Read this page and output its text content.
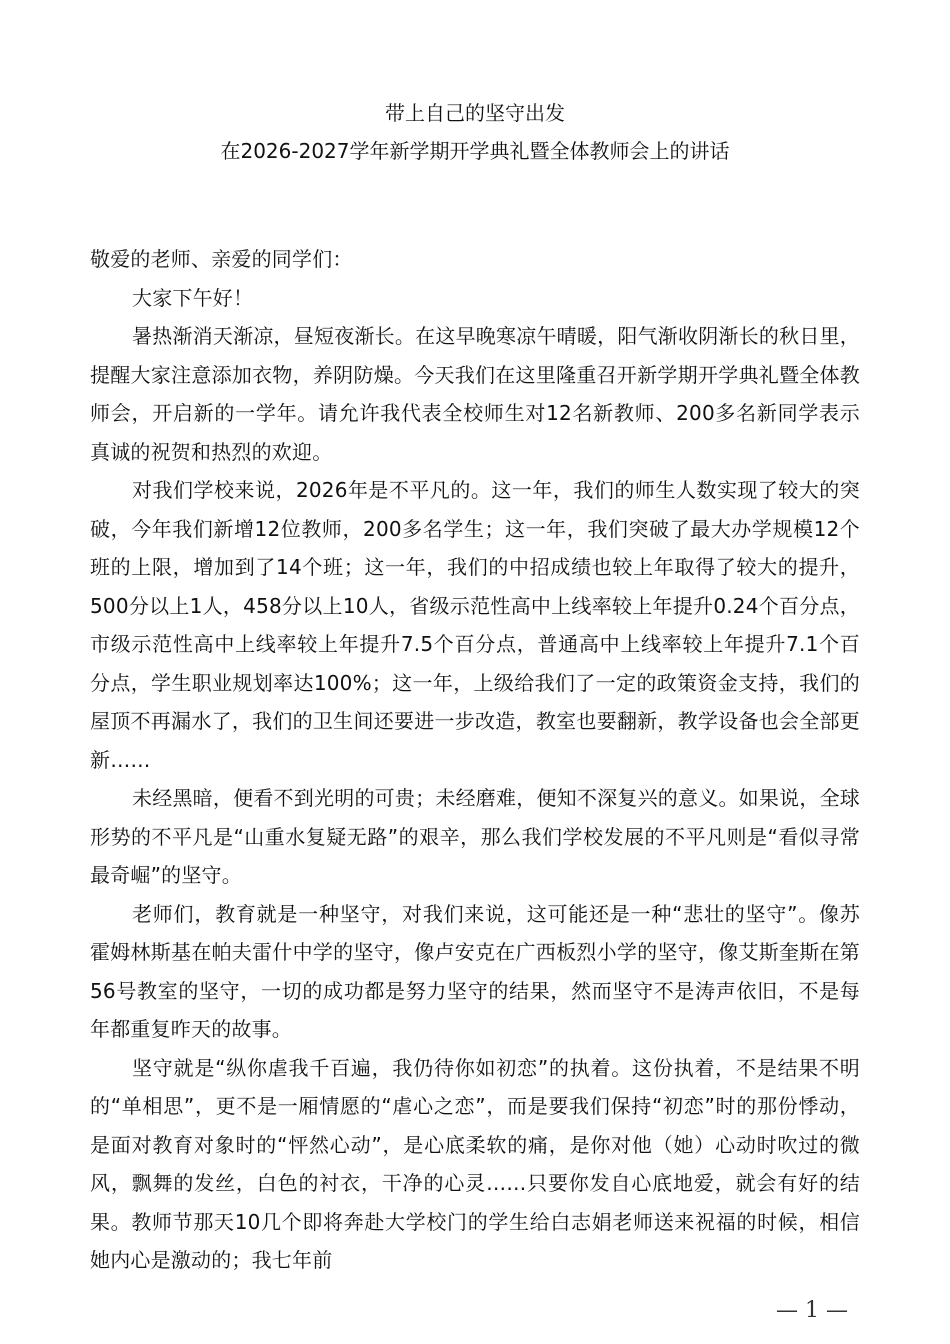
带上自己的坚守出发
在2026-2027学年新学期开学典礼暨全体教师会上的讲话

敬爱的老师、亲爱的同学们：

大家下午好！

暑热渐消天渐凉，昼短夜渐长。在这早晚寒凉午晴暖，阳气渐收阴渐长的秋日里，提醒大家注意添加衣物，养阴防燥。今天我们在这里隆重召开新学期开学典礼暨全体教师会，开启新的一学年。请允许我代表全校师生对12名新教师、200多名新同学表示真诚的祝贺和热烈的欢迎。

对我们学校来说，2026年是不平凡的。这一年，我们的师生人数实现了较大的突破，今年我们新增12位教师，200多名学生；这一年，我们突破了最大办学规模12个班的上限，增加到了14个班；这一年，我们的中招成绩也较上年取得了较大的提升，500分以上1人，458分以上10人，省级示范性高中上线率较上年提升0.24个百分点，市级示范性高中上线率较上年提升7.5个百分点，普通高中上线率较上年提升7.1个百分点，学生职业规划率达100%；这一年，上级给我们了一定的政策资金支持，我们的屋顶不再漏水了，我们的卫生间还要进一步改造，教室也要翻新，教学设备也会全部更新……

未经黑暗，便看不到光明的可贵；未经磨难，便知不深复兴的意义。如果说，全球形势的不平凡是“山重水复疑无路”的艰辛，那么我们学校发展的不平凡则是“看似寻常最奇崛”的坚守。

老师们，教育就是一种坚守，对我们来说，这可能还是一种“悲壮的坚守”。像苏霍姆林斯基在帕夫雷什中学的坚守，像卢安克在广西板烈小学的坚守，像艾斯奎斯在第56号教室的坚守，一切的成功都是努力坚守的结果，然而坚守不是涛声依旧，不是每年都重复昨天的故事。

坚守就是“纵你虐我千百遍，我仍待你如初恋”的执着。这份执着，不是结果不明的“单相思”，更不是一厢情愿的“虐心之恋”，而是要我们保持“初恋”时的那份悸动，是面对教育对象时的“怦然心动”，是心底柔软的痛，是你对他（她）心动时吹过的微风，飘舞的发丝，白色的衬衣，干净的心灵……只要你发自心底地爱，就会有好的结果。教师节那天10几个即将奔赴大学校门的学生给白志娟老师送来祝福的时候，相信她内心是激动的；我七年前

— 1 —
